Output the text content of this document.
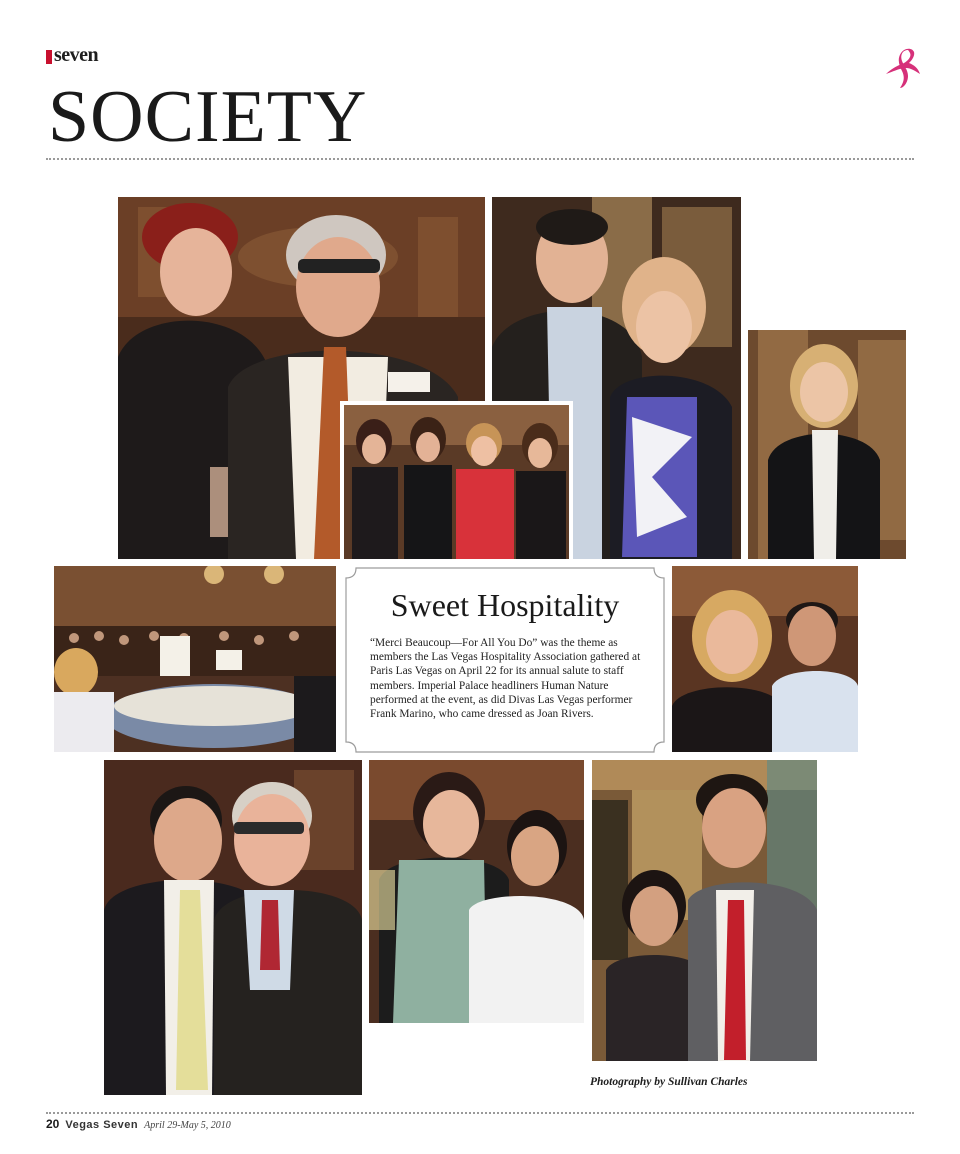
seven
SOCIETY
Sweet Hospitality
“Merci Beaucoup—For All You Do” was the theme as members the Las Vegas Hospitality Association gathered at Paris Las Vegas on April 22 for its annual salute to staff members. Imperial Palace headliners Human Nature performed at the event, as did Divas Las Vegas performer Frank Marino, who came dressed as Joan Rivers.
Photography by Sullivan Charles
20 Vegas Seven April 29-May 5, 2010
